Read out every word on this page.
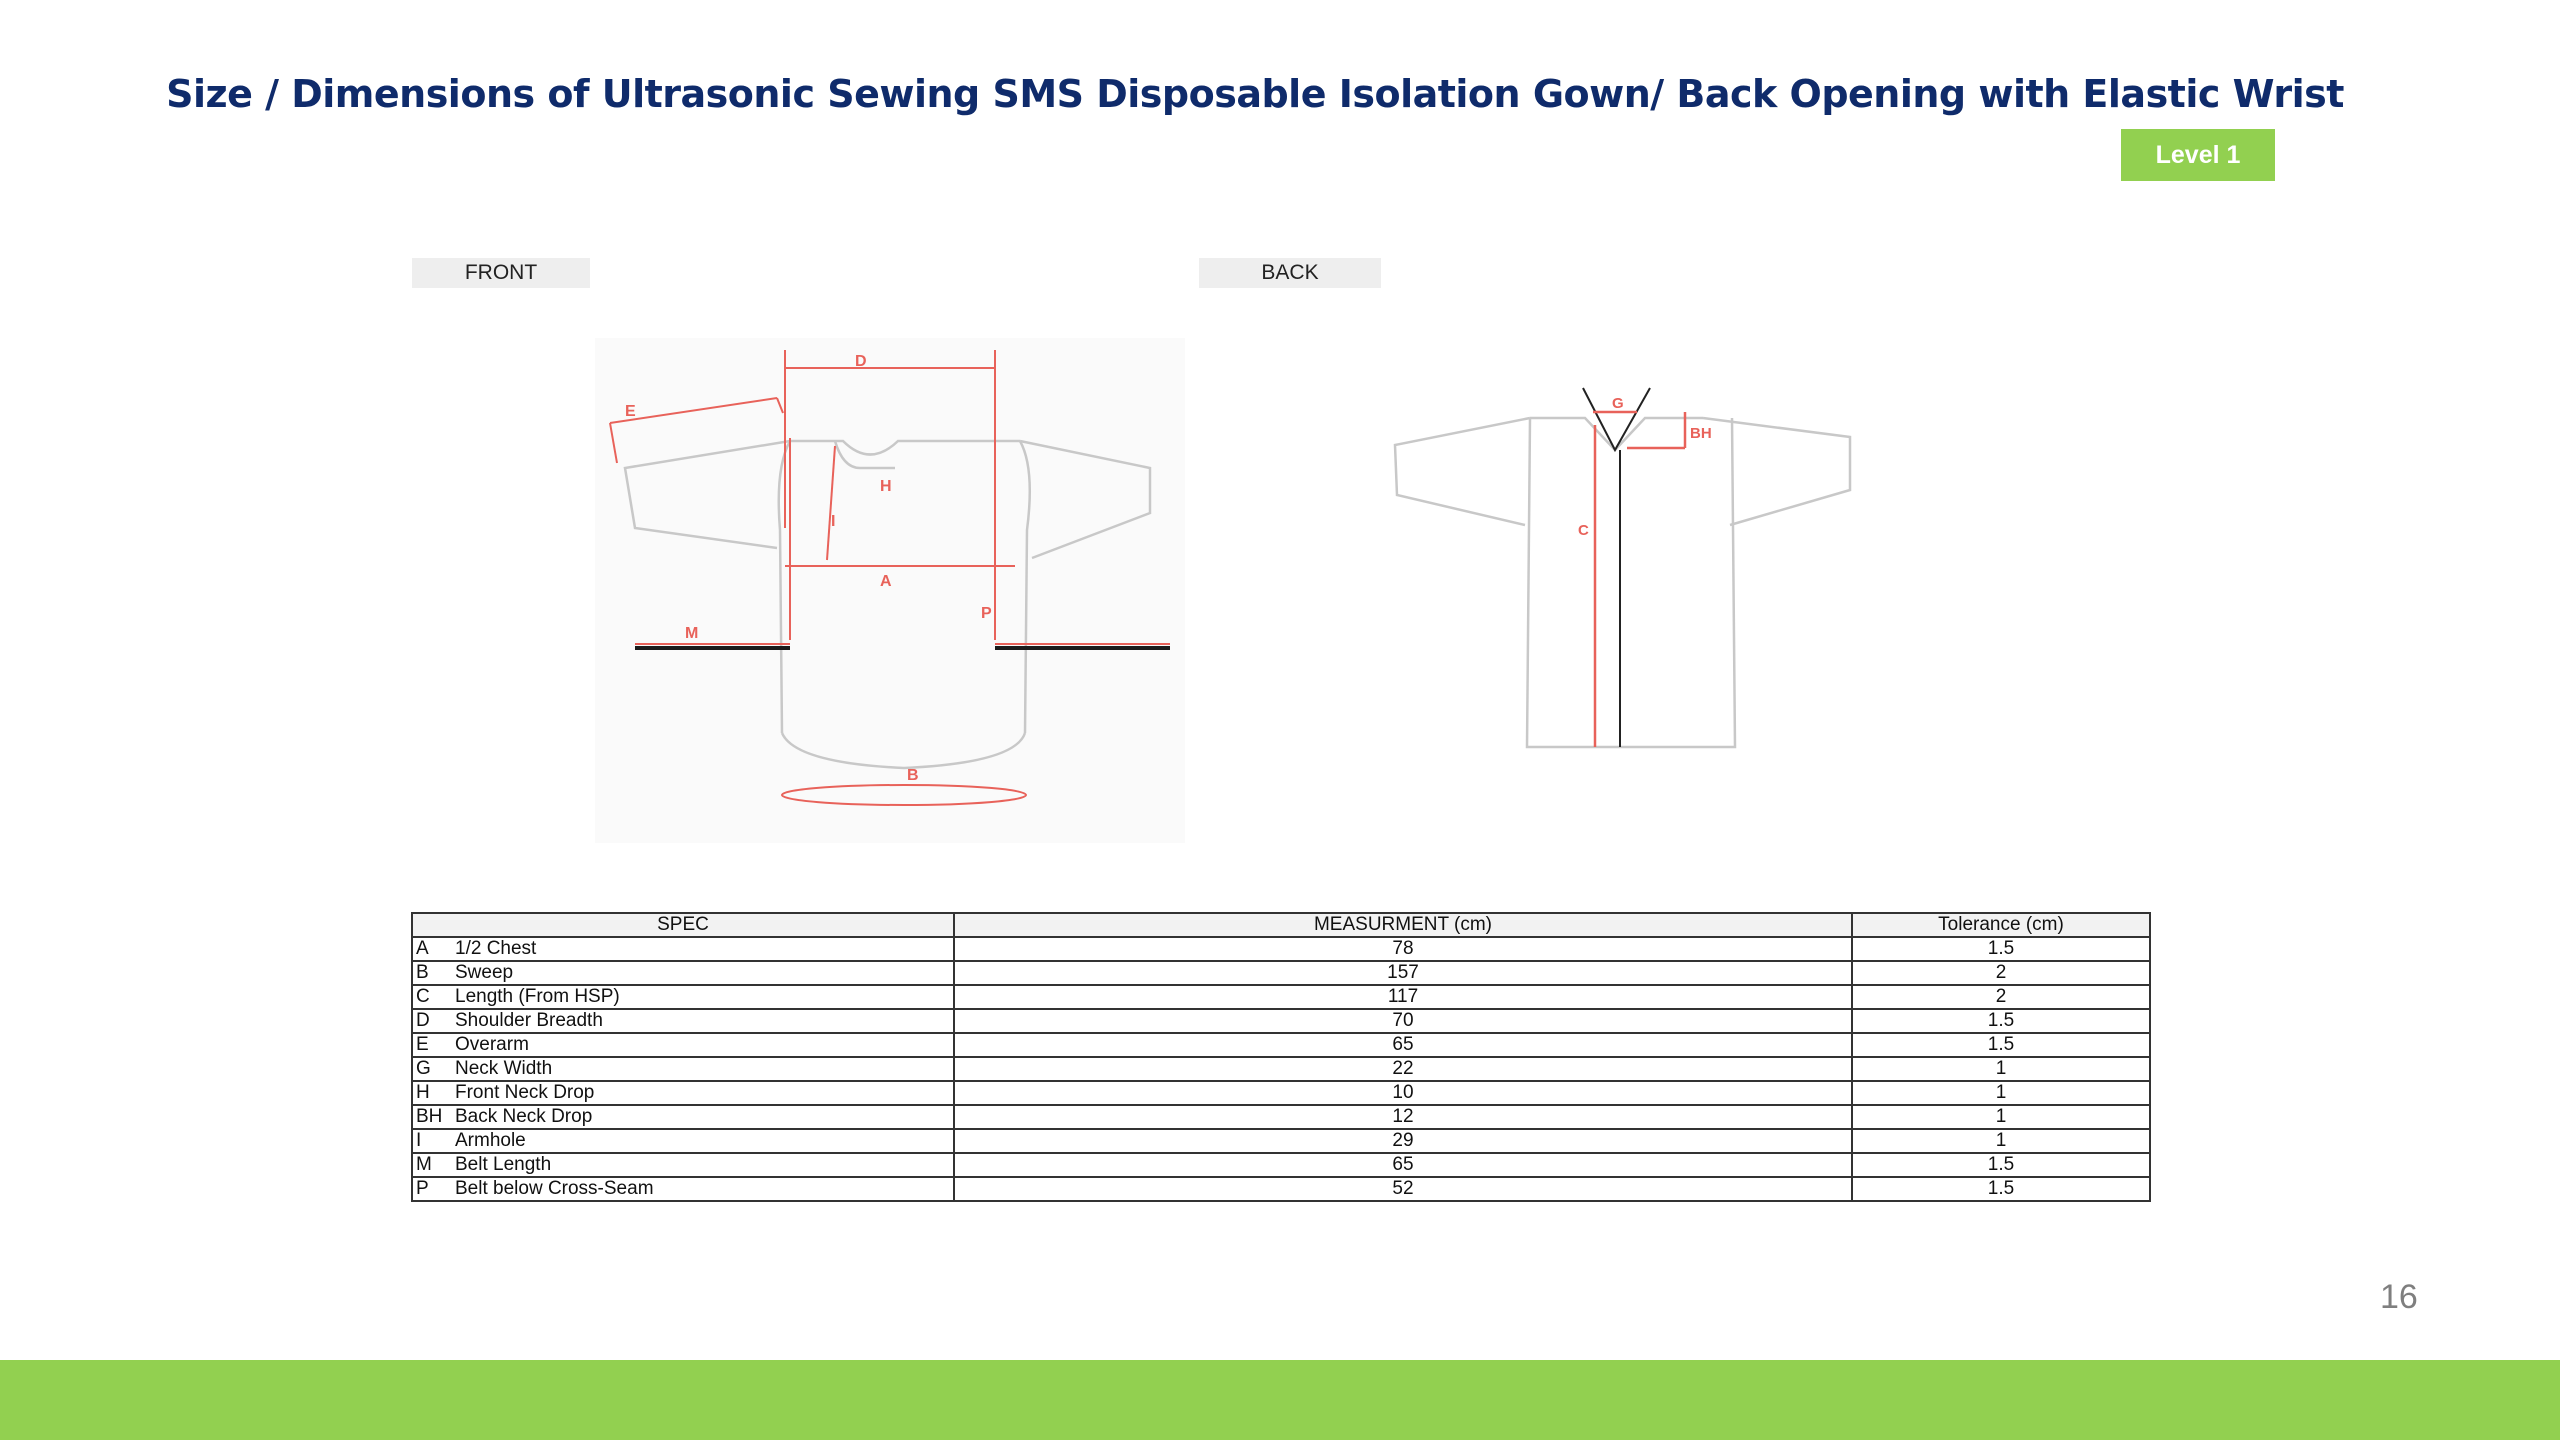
Size / Dimensions of Ultrasonic Sewing SMS Disposable Isolation Gown/ Back Opening with Elastic Wrist
Level 1
FRONT	BACK
D
E
H
I
A
M
P
B
G
BH
C
SPEC	MEASURMENT (cm)	Tolerance (cm)
A 1/2 Chest	78	1.5
B Sweep	157	2
C Length (From HSP)	117	2
D Shoulder Breadth	70	1.5
E Overarm	65	1.5
G Neck Width	22	1
H Front Neck Drop	10	1
BH Back Neck Drop	12	1
I Armhole	29	1
M Belt Length	65	1.5
P Belt below Cross-Seam	52	1.5
16
